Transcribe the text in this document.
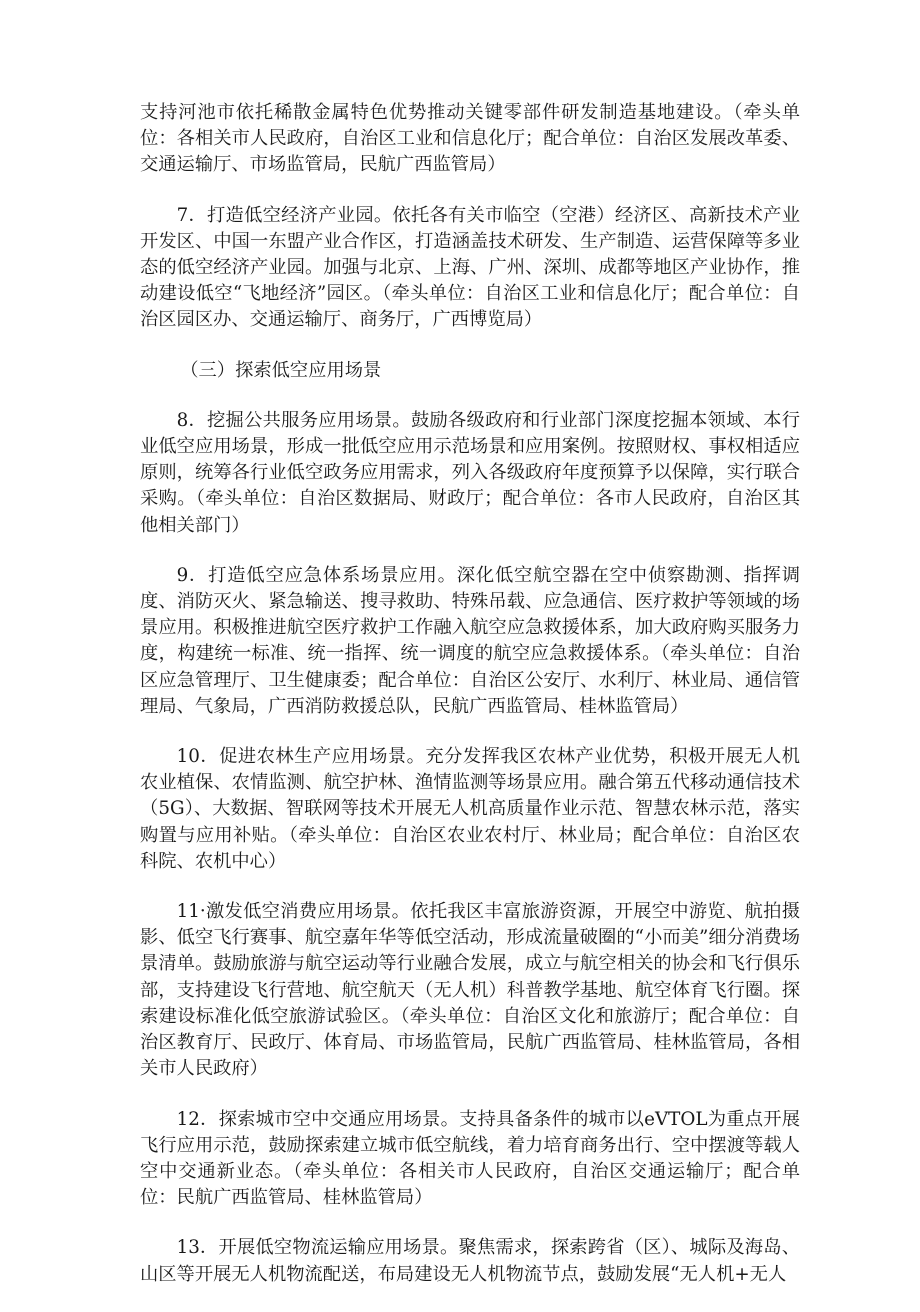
支持河池市依托稀散金属特色优势推动关键零部件研发制造基地建设。（牵头单位：各相关市人民政府，自治区工业和信息化厅；配合单位：自治区发展改革委、交通运输厅、市场监管局，民航广西监管局）

7．打造低空经济产业园。依托各有关市临空（空港）经济区、高新技术产业开发区、中国一东盟产业合作区，打造涵盖技术研发、生产制造、运营保障等多业态的低空经济产业园。加强与北京、上海、广州、深圳、成都等地区产业协作，推动建设低空“飞地经济”园区。（牵头单位：自治区工业和信息化厅；配合单位：自治区园区办、交通运输厅、商务厅，广西博览局）

（三）探索低空应用场景

8．挖掘公共服务应用场景。鼓励各级政府和行业部门深度挖掘本领域、本行业低空应用场景，形成一批低空应用示范场景和应用案例。按照财权、事权相适应原则，统筹各行业低空政务应用需求，列入各级政府年度预算予以保障，实行联合采购。（牵头单位：自治区数据局、财政厅；配合单位：各市人民政府，自治区其他相关部门）

9．打造低空应急体系场景应用。深化低空航空器在空中侦察勘测、指挥调度、消防灭火、紧急输送、搜寻救助、特殊吊载、应急通信、医疗救护等领域的场景应用。积极推进航空医疗救护工作融入航空应急救援体系，加大政府购买服务力度，构建统一标准、统一指挥、统一调度的航空应急救援体系。（牵头单位：自治区应急管理厅、卫生健康委；配合单位：自治区公安厅、水利厅、林业局、通信管理局、气象局，广西消防救援总队，民航广西监管局、桂林监管局）

10．促进农林生产应用场景。充分发挥我区农林产业优势，积极开展无人机农业植保、农情监测、航空护林、渔情监测等场景应用。融合第五代移动通信技术（5G）、大数据、智联网等技术开展无人机高质量作业示范、智慧农林示范，落实购置与应用补贴。（牵头单位：自治区农业农村厅、林业局；配合单位：自治区农科院、农机中心）

11·激发低空消费应用场景。依托我区丰富旅游资源，开展空中游览、航拍摄影、低空飞行赛事、航空嘉年华等低空活动，形成流量破圈的“小而美”细分消费场景清单。鼓励旅游与航空运动等行业融合发展，成立与航空相关的协会和飞行俱乐部，支持建设飞行营地、航空航天（无人机）科普教学基地、航空体育飞行圈。探索建设标准化低空旅游试验区。（牵头单位：自治区文化和旅游厅；配合单位：自治区教育厅、民政厅、体育局、市场监管局，民航广西监管局、桂林监管局，各相关市人民政府）

12．探索城市空中交通应用场景。支持具备条件的城市以eVTOL为重点开展飞行应用示范，鼓励探索建立城市低空航线，着力培育商务出行、空中摆渡等载人空中交通新业态。（牵头单位：各相关市人民政府，自治区交通运输厅；配合单位：民航广西监管局、桂林监管局）

13．开展低空物流运输应用场景。聚焦需求，探索跨省（区）、城际及海岛、山区等开展无人机物流配送，布局建设无人机物流节点，鼓励发展“无人机+无人
